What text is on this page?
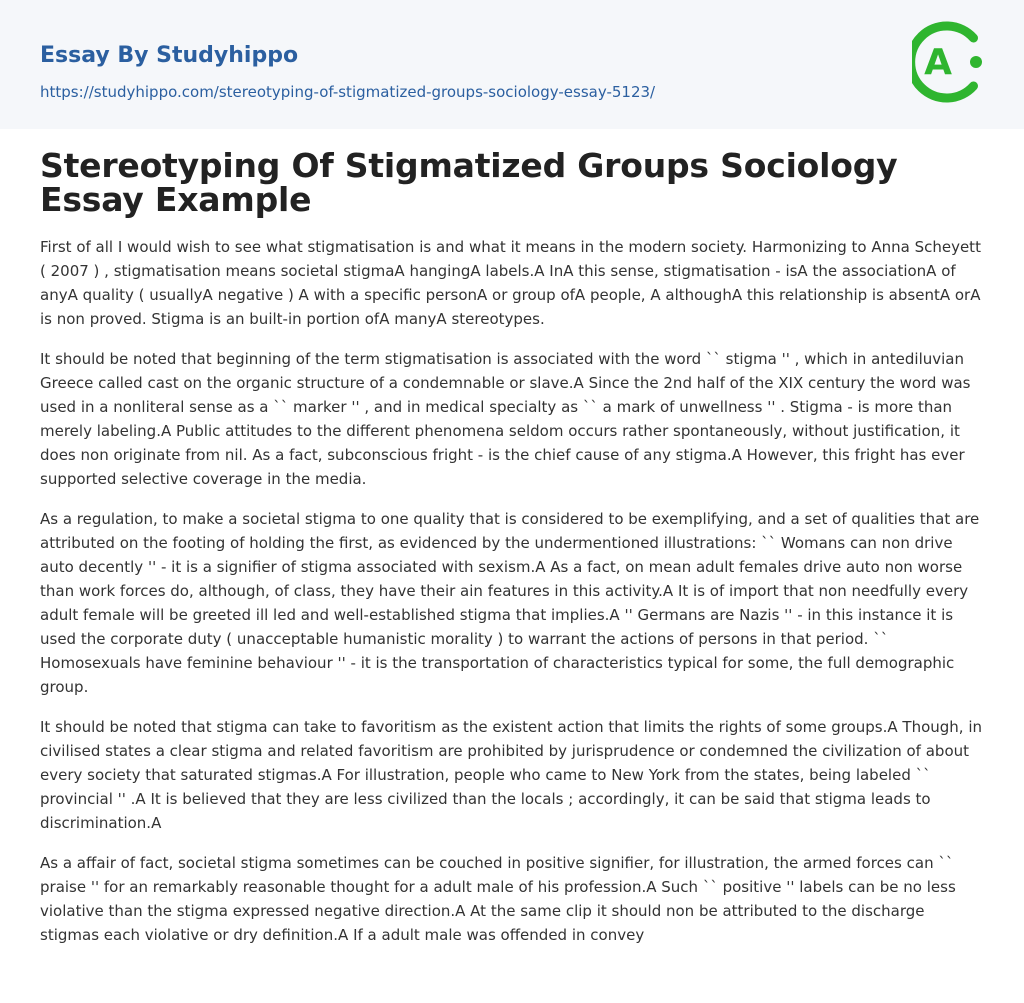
Essay By Studyhippo
https://studyhippo.com/stereotyping-of-stigmatized-groups-sociology-essay-5123/
A
Stereotyping Of Stigmatized Groups Sociology Essay Example

First of all I would wish to see what stigmatisation is and what it means in the modern society. Harmonizing to Anna Scheyett ( 2007 ) , stigmatisation means societal stigmaA hangingA labels.A InA this sense, stigmatisation - isA the associationA of anyA quality ( usuallyA negative ) A with a specific personA or group ofA people, A althoughA this relationship is absentA orA is non proved. Stigma is an built-in portion ofA manyA stereotypes.

It should be noted that beginning of the term stigmatisation is associated with the word `` stigma '' , which in antediluvian Greece called cast on the organic structure of a condemnable or slave.A Since the 2nd half of the XIX century the word was used in a nonliteral sense as a `` marker '' , and in medical specialty as `` a mark of unwellness '' . Stigma - is more than merely labeling.A Public attitudes to the different phenomena seldom occurs rather spontaneously, without justification, it does non originate from nil. As a fact, subconscious fright - is the chief cause of any stigma.A However, this fright has ever supported selective coverage in the media.

As a regulation, to make a societal stigma to one quality that is considered to be exemplifying, and a set of qualities that are attributed on the footing of holding the first, as evidenced by the undermentioned illustrations: `` Womans can non drive auto decently '' - it is a signifier of stigma associated with sexism.A As a fact, on mean adult females drive auto non worse than work forces do, although, of class, they have their ain features in this activity.A It is of import that non needfully every adult female will be greeted ill led and well-established stigma that implies.A '' Germans are Nazis '' - in this instance it is used the corporate duty ( unacceptable humanistic morality ) to warrant the actions of persons in that period. `` Homosexuals have feminine behaviour '' - it is the transportation of characteristics typical for some, the full demographic group.

It should be noted that stigma can take to favoritism as the existent action that limits the rights of some groups.A Though, in civilised states a clear stigma and related favoritism are prohibited by jurisprudence or condemned the civilization of about every society that saturated stigmas.A For illustration, people who came to New York from the states, being labeled `` provincial '' .A It is believed that they are less civilized than the locals ; accordingly, it can be said that stigma leads to discrimination.A

As a affair of fact, societal stigma sometimes can be couched in positive signifier, for illustration, the armed forces can `` praise '' for an remarkably reasonable thought for a adult male of his profession.A Such `` positive '' labels can be no less violative than the stigma expressed negative direction.A At the same clip it should non be attributed to the discharge stigmas each violative or dry definition.A If a adult male was offended in convey
